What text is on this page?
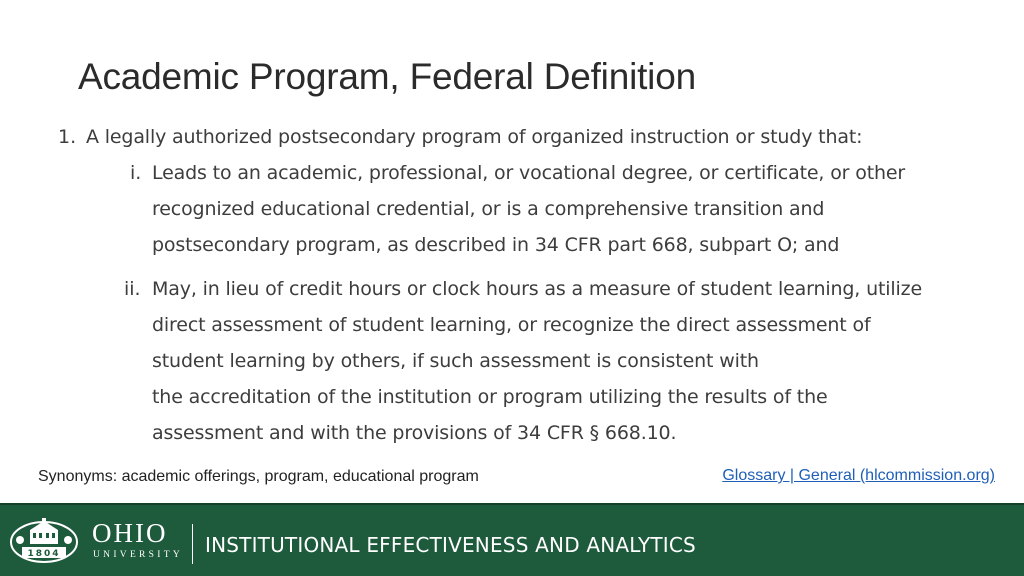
Academic Program, Federal Definition
1. A legally authorized postsecondary program of organized instruction or study that:
i. Leads to an academic, professional, or vocational degree, or certificate, or other
recognized educational credential, or is a comprehensive transition and
postsecondary program, as described in 34 CFR part 668, subpart O; and
ii. May, in lieu of credit hours or clock hours as a measure of student learning, utilize
direct assessment of student learning, or recognize the direct assessment of
student learning by others, if such assessment is consistent with
the accreditation of the institution or program utilizing the results of the
assessment and with the provisions of 34 CFR § 668.10.
Synonyms: academic offerings, program, educational program	Glossary | General (hlcommission.org)
1804
OHIO
UNIVERSITY INSTITUTIONAL EFFECTIVENESS AND ANALYTICS
